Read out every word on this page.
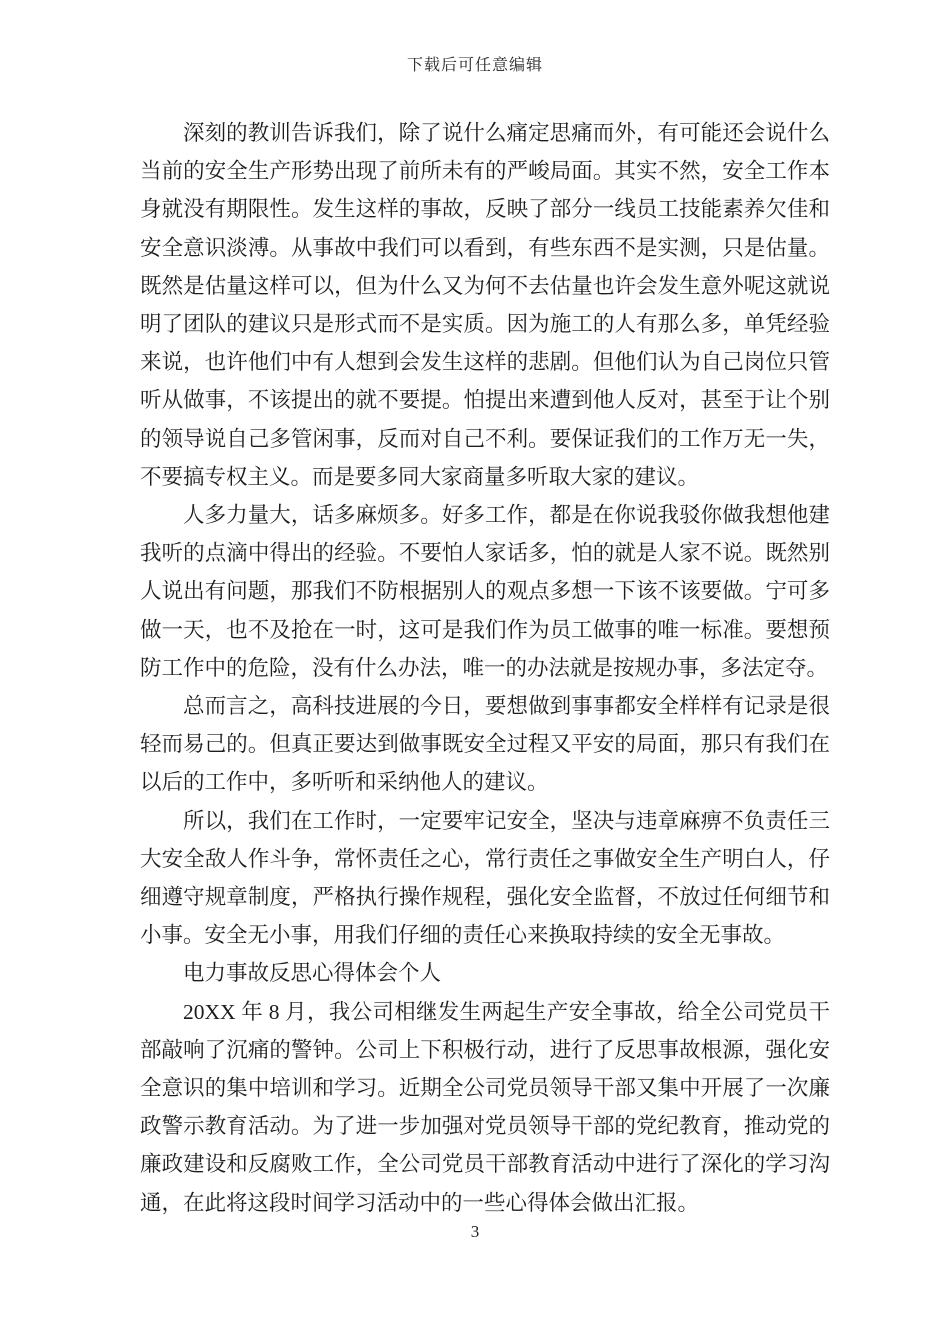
下载后可任意编辑

深刻的教训告诉我们，除了说什么痛定思痛而外，有可能还会说什么当前的安全生产形势出现了前所未有的严峻局面。其实不然，安全工作本身就没有期限性。发生这样的事故，反映了部分一线员工技能素养欠佳和安全意识淡溥。从事故中我们可以看到，有些东西不是实测，只是估量。既然是估量这样可以，但为什么又为何不去估量也许会发生意外呢这就说明了团队的建议只是形式而不是实质。因为施工的人有那么多，单凭经验来说，也许他们中有人想到会发生这样的悲剧。但他们认为自己岗位只管听从做事，不该提出的就不要提。怕提出来遭到他人反对，甚至于让个别的领导说自己多管闲事，反而对自己不利。要保证我们的工作万无一失，不要搞专权主义。而是要多同大家商量多听取大家的建议。

人多力量大，话多麻烦多。好多工作，都是在你说我驳你做我想他建我听的点滴中得出的经验。不要怕人家话多，怕的就是人家不说。既然别人说出有问题，那我们不防根据别人的观点多想一下该不该要做。宁可多做一天，也不及抢在一时，这可是我们作为员工做事的唯一标准。要想预防工作中的危险，没有什么办法，唯一的办法就是按规办事，多法定夺。

总而言之，高科技进展的今日，要想做到事事都安全样样有记录是很轻而易己的。但真正要达到做事既安全过程又平安的局面，那只有我们在以后的工作中，多听听和采纳他人的建议。

所以，我们在工作时，一定要牢记安全，坚决与违章麻痹不负责任三大安全敌人作斗争，常怀责任之心，常行责任之事做安全生产明白人，仔细遵守规章制度，严格执行操作规程，强化安全监督，不放过任何细节和小事。安全无小事，用我们仔细的责任心来换取持续的安全无事故。

电力事故反思心得体会个人

20XX 年 8 月，我公司相继发生两起生产安全事故，给全公司党员干部敲响了沉痛的警钟。公司上下积极行动，进行了反思事故根源，强化安全意识的集中培训和学习。近期全公司党员领导干部又集中开展了一次廉政警示教育活动。为了进一步加强对党员领导干部的党纪教育，推动党的廉政建设和反腐败工作，全公司党员干部教育活动中进行了深化的学习沟通，在此将这段时间学习活动中的一些心得体会做出汇报。

3
